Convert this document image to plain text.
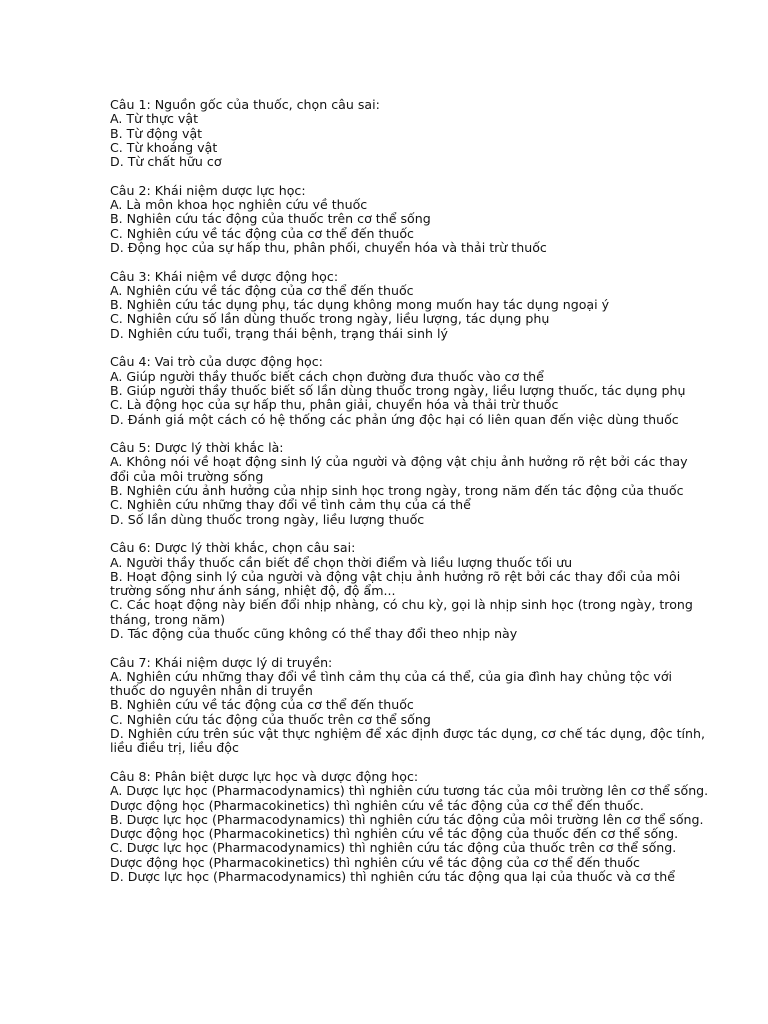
Câu 1: Nguồn gốc của thuốc, chọn câu sai:
A. Từ thực vật
B. Từ động vật
C. Từ khoáng vật
D. Từ chất hữu cơ
Câu 2: Khái niệm dược lực học:
A. Là môn khoa học nghiên cứu về thuốc
B. Nghiên cứu tác động của thuốc trên cơ thể sống
C. Nghiên cứu về tác động của cơ thể đến thuốc
D. Động học của sự hấp thu, phân phối, chuyển hóa và thải trừ thuốc
Câu 3: Khái niệm về dược động học:
A. Nghiên cứu về tác động của cơ thể đến thuốc
B. Nghiên cứu tác dụng phụ, tác dụng không mong muốn hay tác dụng ngoại ý
C. Nghiên cứu số lần dùng thuốc trong ngày, liều lượng, tác dụng phụ
D. Nghiên cứu tuổi, trạng thái bệnh, trạng thái sinh lý
Câu 4: Vai trò của dược động học:
A. Giúp người thầy thuốc biết cách chọn đường đưa thuốc vào cơ thể
B. Giúp người thầy thuốc biết số lần dùng thuốc trong ngày, liều lượng thuốc, tác dụng phụ
C. Là động học của sự hấp thu, phân giải, chuyển hóa và thải trừ thuốc
D. Đánh giá một cách có hệ thống các phản ứng độc hại có liên quan đến việc dùng thuốc
Câu 5: Dược lý thời khắc là:
A. Không nói về hoạt động sinh lý của người và động vật chịu ảnh hưởng rõ rệt bởi các thay đổi của môi trường sống
B. Nghiên cứu ảnh hưởng của nhịp sinh học trong ngày, trong năm đến tác động của thuốc
C. Nghiên cứu những thay đổi về tình cảm thụ của cá thể
D. Số lần dùng thuốc trong ngày, liều lượng thuốc
Câu 6: Dược lý thời khắc, chọn câu sai:
A. Người thầy thuốc cần biết để chọn thời điểm và liều lượng thuốc tối ưu
B. Hoạt động sinh lý của người và động vật chịu ảnh hưởng rõ rệt bởi các thay đổi của môi trường sống như ánh sáng, nhiệt độ, độ ẩm...
C. Các hoạt động này biến đổi nhịp nhàng, có chu kỳ, gọi là nhịp sinh học (trong ngày, trong tháng, trong năm)
D. Tác động của thuốc cũng không có thể thay đổi theo nhịp này
Câu 7: Khái niệm dược lý di truyền:
A. Nghiên cứu những thay đổi về tình cảm thụ của cá thể, của gia đình hay chủng tộc với thuốc do nguyên nhân di truyền
B. Nghiên cứu về tác động của cơ thể đến thuốc
C. Nghiên cứu tác động của thuốc trên cơ thể sống
D. Nghiên cứu trên súc vật thực nghiệm để xác định được tác dụng, cơ chế tác dụng, độc tính, liều điều trị, liều độc
Câu 8: Phân biệt dược lực học và dược động học:
A. Dược lực học (Pharmacodynamics) thì nghiên cứu tương tác của môi trường lên cơ thể sống. Dược động học (Pharmacokinetics) thì nghiên cứu về tác động của cơ thể đến thuốc.
B. Dược lực học (Pharmacodynamics) thì nghiên cứu tác động của môi trường lên cơ thể sống. Dược động học (Pharmacokinetics) thì nghiên cứu về tác động của thuốc đến cơ thể sống.
C. Dược lực học (Pharmacodynamics) thì nghiên cứu tác động của thuốc trên cơ thể sống. Dược động học (Pharmacokinetics) thì nghiên cứu về tác động của cơ thể đến thuốc
D. Dược lực học (Pharmacodynamics) thì nghiên cứu tác động qua lại của thuốc và cơ thể
